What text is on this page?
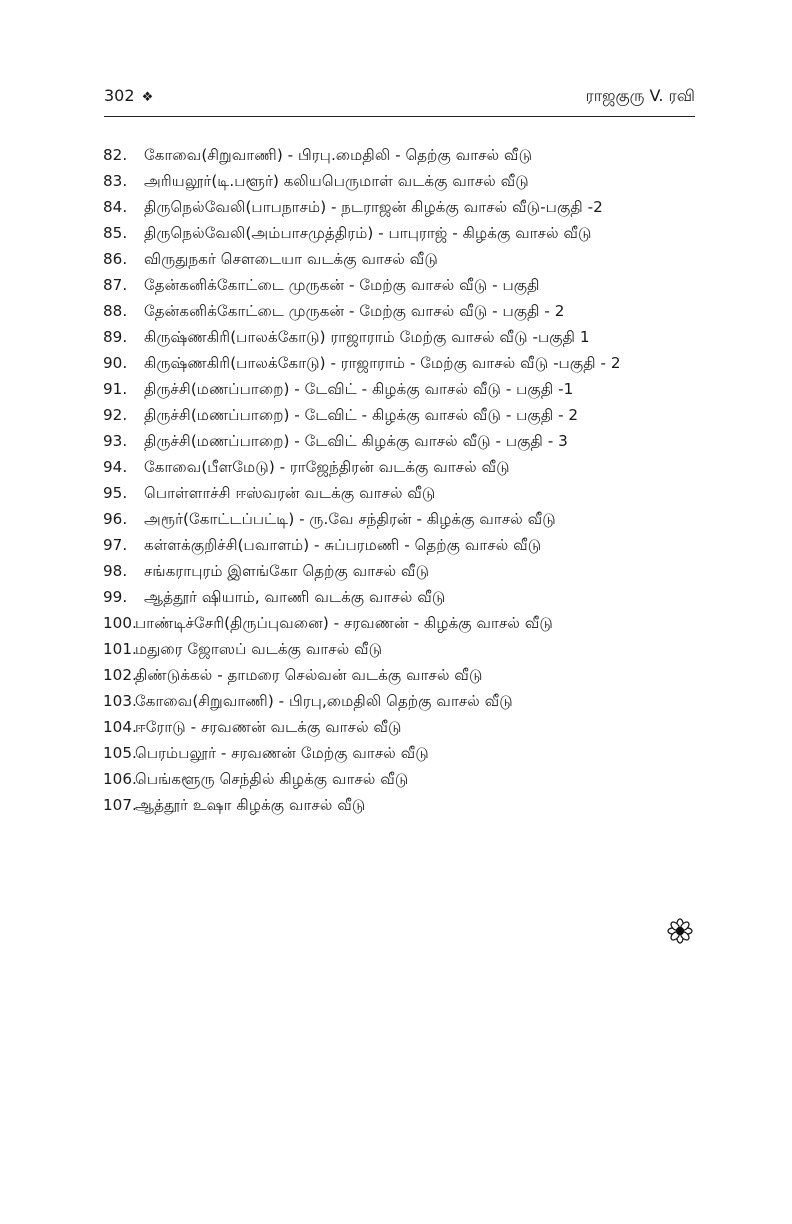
302 ❖	ராஜகுரு V. ரவி
82.	கோவை(சிறுவாணி) - பிரபு.மைதிலி - தெற்கு வாசல் வீடு
83.	அரியலூர்(டி.பளூர்) கலியபெருமாள் வடக்கு வாசல் வீடு
84.	திருநெல்வேலி(பாபநாசம்) - நடராஜன் கிழக்கு வாசல் வீடு-பகுதி -2
85.	திருநெல்வேலி(அம்பாசமுத்திரம்) - பாபுராஜ் - கிழக்கு வாசல் வீடு
86.	விருதுநகர் சௌடையா வடக்கு வாசல் வீடு
87.	தேன்கனிக்கோட்டை முருகன் - மேற்கு வாசல் வீடு - பகுதி
88.	தேன்கனிக்கோட்டை முருகன் - மேற்கு வாசல் வீடு - பகுதி - 2
89.	கிருஷ்ணகிரி(பாலக்கோடு) ராஜாராம் மேற்கு வாசல் வீடு -பகுதி 1
90.	கிருஷ்ணகிரி(பாலக்கோடு) - ராஜாராம் - மேற்கு வாசல் வீடு -பகுதி - 2
91.	திருச்சி(மணப்பாறை) - டேவிட் - கிழக்கு வாசல் வீடு - பகுதி -1
92.	திருச்சி(மணப்பாறை) - டேவிட் - கிழக்கு வாசல் வீடு - பகுதி - 2
93.	திருச்சி(மணப்பாறை) - டேவிட் கிழக்கு வாசல் வீடு - பகுதி - 3
94.	கோவை(பீளமேடு) - ராஜேந்திரன் வடக்கு வாசல் வீடு
95.	பொள்ளாச்சி ஈஸ்வரன் வடக்கு வாசல் வீடு
96.	அரூர்(கோட்டப்பட்டி) - ரு.வே சந்திரன் - கிழக்கு வாசல் வீடு
97.	கள்ளக்குறிச்சி(பவாளம்) - சுப்பரமணி - தெற்கு வாசல் வீடு
98.	சங்கராபுரம் இளங்கோ தெற்கு வாசல் வீடு
99.	ஆத்தூர் ஷியாம், வாணி வடக்கு வாசல் வீடு
100.
பாண்டிச்சேரி(திருப்புவனை) - சரவணன் - கிழக்கு வாசல் வீடு
101.
மதுரை ஜோஸப் வடக்கு வாசல் வீடு
102.
திண்டுக்கல் - தாமரை செல்வன் வடக்கு வாசல் வீடு
103.
கோவை(சிறுவாணி) - பிரபு,மைதிலி தெற்கு வாசல் வீடு
104.
ஈரோடு - சரவணன் வடக்கு வாசல் வீடு
105.
பெரம்பலூர் - சரவணன் மேற்கு வாசல் வீடு
106.
பெங்களூரு செந்தில் கிழக்கு வாசல் வீடு
107.
ஆத்தூர் உஷா கிழக்கு வாசல் வீடு
